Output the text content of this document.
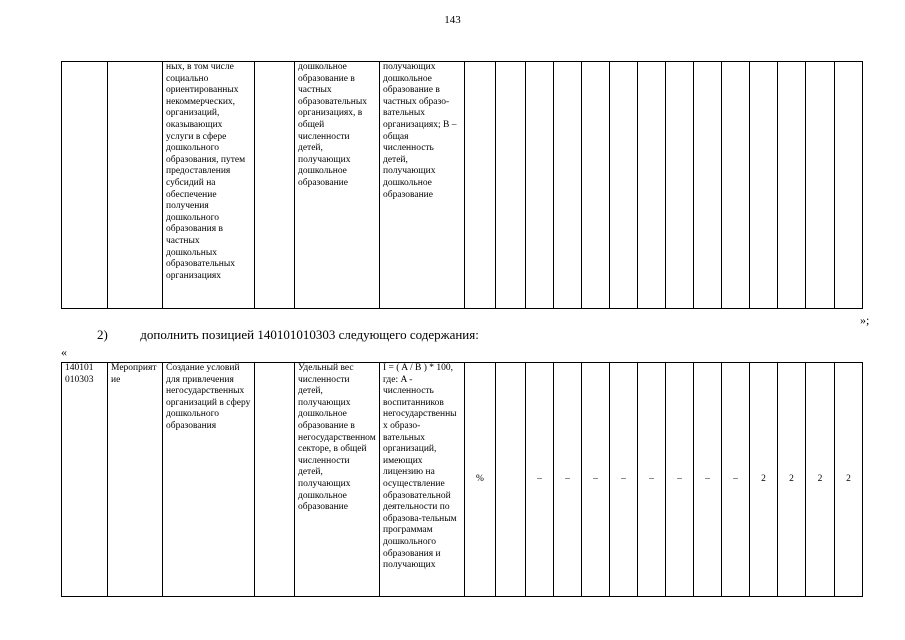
143
		ных, в том числе социально ориентированных некоммерческих, организаций, оказывающих услуги в сфере дошкольного образования, путем предоставления субсидий на обеспечение получения дошкольного образования в частных дошкольных образовательных организациях		дошкольное образование в частных образовательных организациях, в общей численности детей, получающих дошкольное образование	получающих дошкольное образование в частных образо-вательных организациях; В – общая численность детей, получающих дошкольное образование														
»;
2) дополнить позицией 140101010303 следующего содержания:
«
140101 010303	Мероприятие	Создание условий для привлечения негосударственных организаций в сферу дошкольного образования		Удельный вес численности детей, получающих дошкольное образование в негосударственном секторе, в общей численности детей, получающих дошкольное образование	I = ( A / B ) * 100, где: A - численность воспитанников негосударственных образо-вательных организаций, имеющих лицензию на осуществление образовательной деятельности по образова-тельным программам дошкольного образования и получающих	%		–	–	–	–	–	–	–	–	2	2	2	2
